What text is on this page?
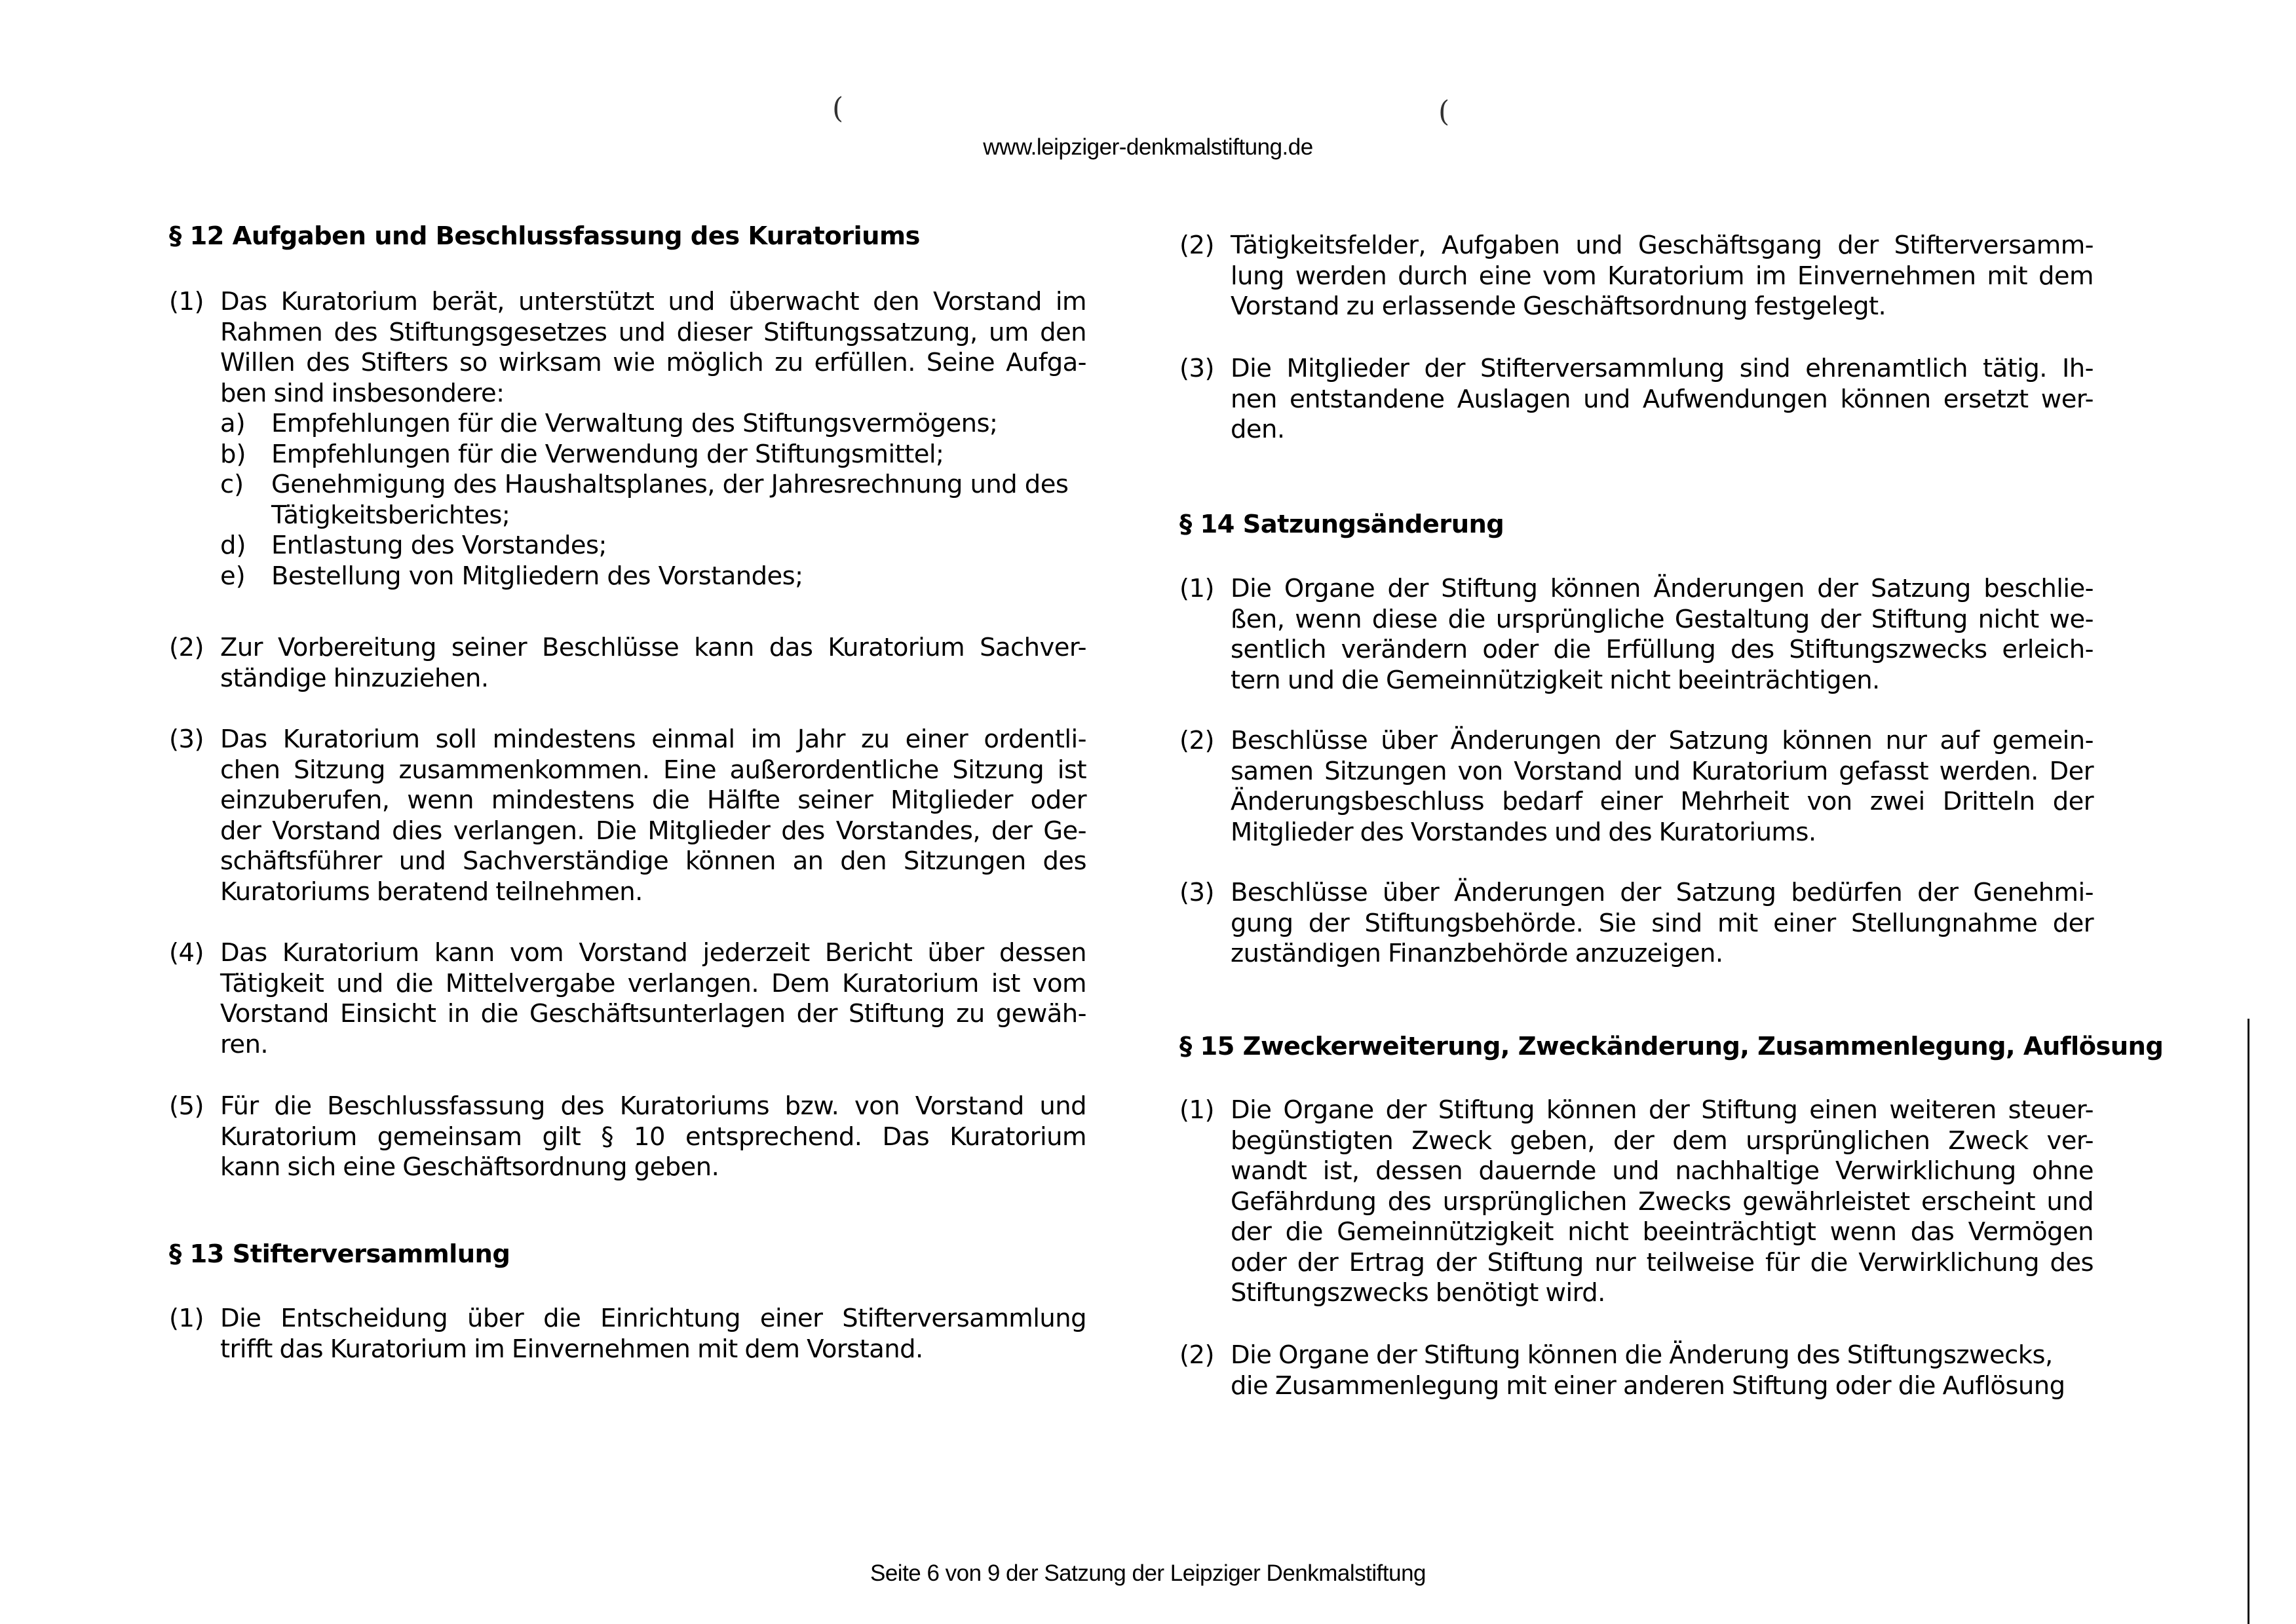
(	(
www.leipziger-denkmalstiftung.de
§ 12 Aufgaben und Beschlussfassung des Kuratoriums
(1) Das Kuratorium berät, unterstützt und überwacht den Vorstand im
Rahmen des Stiftungsgesetzes und dieser Stiftungssatzung, um den
Willen des Stifters so wirksam wie möglich zu erfüllen. Seine Aufga-
ben sind insbesondere:
a) Empfehlungen für die Verwaltung des Stiftungsvermögens;
b) Empfehlungen für die Verwendung der Stiftungsmittel;
c) Genehmigung des Haushaltsplanes, der Jahresrechnung und des
Tätigkeitsberichtes;
d) Entlastung des Vorstandes;
e) Bestellung von Mitgliedern des Vorstandes;
(2) Zur Vorbereitung seiner Beschlüsse kann das Kuratorium Sachver-
ständige hinzuziehen.
(3) Das Kuratorium soll mindestens einmal im Jahr zu einer ordentli-
chen Sitzung zusammenkommen. Eine außerordentliche Sitzung ist
einzuberufen, wenn mindestens die Hälfte seiner Mitglieder oder
der Vorstand dies verlangen. Die Mitglieder des Vorstandes, der Ge-
schäftsführer und Sachverständige können an den Sitzungen des
Kuratoriums beratend teilnehmen.
(4) Das Kuratorium kann vom Vorstand jederzeit Bericht über dessen
Tätigkeit und die Mittelvergabe verlangen. Dem Kuratorium ist vom
Vorstand Einsicht in die Geschäftsunterlagen der Stiftung zu gewäh-
ren.
(5) Für die Beschlussfassung des Kuratoriums bzw. von Vorstand und
Kuratorium gemeinsam gilt § 10 entsprechend. Das Kuratorium
kann sich eine Geschäftsordnung geben.
§ 13 Stifterversammlung
(1) Die Entscheidung über die Einrichtung einer Stifterversammlung
trifft das Kuratorium im Einvernehmen mit dem Vorstand.
(2) Tätigkeitsfelder, Aufgaben und Geschäftsgang der Stifterversamm-
lung werden durch eine vom Kuratorium im Einvernehmen mit dem
Vorstand zu erlassende Geschäftsordnung festgelegt.
(3) Die Mitglieder der Stifterversammlung sind ehrenamtlich tätig. Ih-
nen entstandene Auslagen und Aufwendungen können ersetzt wer-
den.
§ 14 Satzungsänderung
(1) Die Organe der Stiftung können Änderungen der Satzung beschlie-
ßen, wenn diese die ursprüngliche Gestaltung der Stiftung nicht we-
sentlich verändern oder die Erfüllung des Stiftungszwecks erleich-
tern und die Gemeinnützigkeit nicht beeinträchtigen.
(2) Beschlüsse über Änderungen der Satzung können nur auf gemein-
samen Sitzungen von Vorstand und Kuratorium gefasst werden. Der
Änderungsbeschluss bedarf einer Mehrheit von zwei Dritteln der
Mitglieder des Vorstandes und des Kuratoriums.
(3) Beschlüsse über Änderungen der Satzung bedürfen der Genehmi-
gung der Stiftungsbehörde. Sie sind mit einer Stellungnahme der
zuständigen Finanzbehörde anzuzeigen.
§ 15 Zweckerweiterung, Zweckänderung, Zusammenlegung, Auflösung
(1) Die Organe der Stiftung können der Stiftung einen weiteren steuer-
begünstigten Zweck geben, der dem ursprünglichen Zweck ver-
wandt ist, dessen dauernde und nachhaltige Verwirklichung ohne
Gefährdung des ursprünglichen Zwecks gewährleistet erscheint und
der die Gemeinnützigkeit nicht beeinträchtigt wenn das Vermögen
oder der Ertrag der Stiftung nur teilweise für die Verwirklichung des
Stiftungszwecks benötigt wird.
(2) Die Organe der Stiftung können die Änderung des Stiftungszwecks,
die Zusammenlegung mit einer anderen Stiftung oder die Auflösung
Seite 6 von 9 der Satzung der Leipziger Denkmalstiftung
